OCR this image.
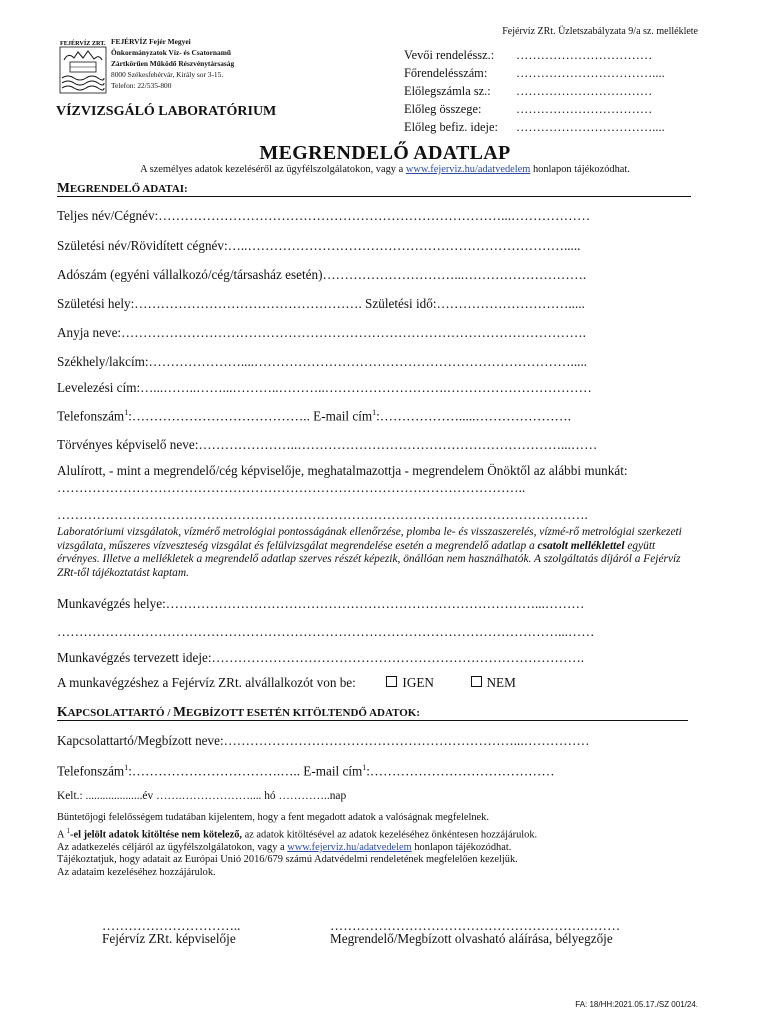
Fejérvíz ZRt. Üzletszabályzata 9/a sz. melléklete
FEJÉRVÍZ ZRT. FEJÉRVÍZ Fejér Megyei
Önkormányzatok Víz- és Csatornamű
Zártkörűen Működő Részvénytársaság
8000 Székesfehérvár, Király sor 3-15.
Telefon: 22/535-800
VÍZVIZSGÁLÓ LABORATÓRIUM
Vevői rendeléssz.:	……………………………
Főrendelésszám:	……………………………....
Előlegszámla sz.:	……………………………
Előleg összege:	……………………………
Előleg befiz. ideje:	……………………………....
MEGRENDELŐ ADATLAP
A személyes adatok kezeléséről az ügyfélszolgálatokon, vagy a www.fejerviz.hu/adatvedelem honlapon tájékozódhat.
MEGRENDELŐ ADATAI:
Teljes név/Cégnév:……………………………………………………………………...………………
Születési név/Rövidített cégnév:…..……………………………………………………………….....
Adószám (egyéni vállalkozó/cég/társasház esetén)…………………………...……………………….
Születési hely:……………………………………………. Születési idő:………………………….....
Anyja neve:…………………………………………………………………………………………….
Székhely/lakcím:…………………....……………………………………………………………….....
Levelezési cím:…...……..……...………..………..……………………….……………………………
Telefonszám$^1$:………………………………….. E-mail cím$^1$:……………….....………………….
Törvényes képviselő neve:…………………..……………………………………………………...……
Alulírott, - mint a megrendelő/cég képviselője, meghatalmazottja - megrendelem Önöktől az alábbi munkát: ……………………………………………………………………………………………..
………………………………………………………………………………………………………….
Laboratóriumi vizsgálatok, vízmérő metrológiai pontosságának ellenőrzése, plomba le- és visszaszerelés, vízmé-rő metrológiai szerkezeti vizsgálata, műszeres vízveszteség vizsgálat és felülvizsgálat megrendelése esetén a megrendelő adatlap a csatolt melléklettel együtt érvényes. Illetve a mellékletek a megrendelő adatlap szerves részét képezik, önállóan nem használhatók. A szolgáltatás díjáról a Fejérvíz ZRt-től tájékoztatást kaptam.
Munkavégzés helye:…………………………………………………………………………...………
……………………………………………………………………………………………………...……
Munkavégzés tervezett ideje:………………………………………………………………………….
A munkavégzéshez a Fejérvíz ZRt. alvállalkozót von be:	IGEN	NEM
KAPCSOLATTARTÓ / MEGBÍZOTT ESETÉN KITÖLTENDŐ ADATOK:
Kapcsolattartó/Megbízott neve:…………………………………………………………...……………
Telefonszám$^1$:…………………………….….. E-mail cím$^1$:……………………………………
Kelt.: ....................év …….……………….... hó …………..nap
Büntetőjogi felelősségem tudatában kijelentem, hogy a fent megadott adatok a valóságnak megfelelnek.
A $^1$-el jelölt adatok kitöltése nem kötelező, az adatok kitöltésével az adatok kezeléséhez önkéntesen hozzájárulok.
Az adatkezelés céljáról az ügyfélszolgálatokon, vagy a www.fejerviz.hu/adatvedelem honlapon tájékozódhat.
Tájékoztatjuk, hogy adatait az Európai Unió 2016/679 számú Adatvédelmi rendeletének megfelelően kezeljük.
Az adataim kezeléséhez hozzájárulok.
…………………………..
Fejérvíz ZRt. képviselője
…………………………………………………………
Megrendelő/Megbízott olvasható aláírása, bélyegzője
FA: 18/HH:2021.05.17./SZ 001/24.
